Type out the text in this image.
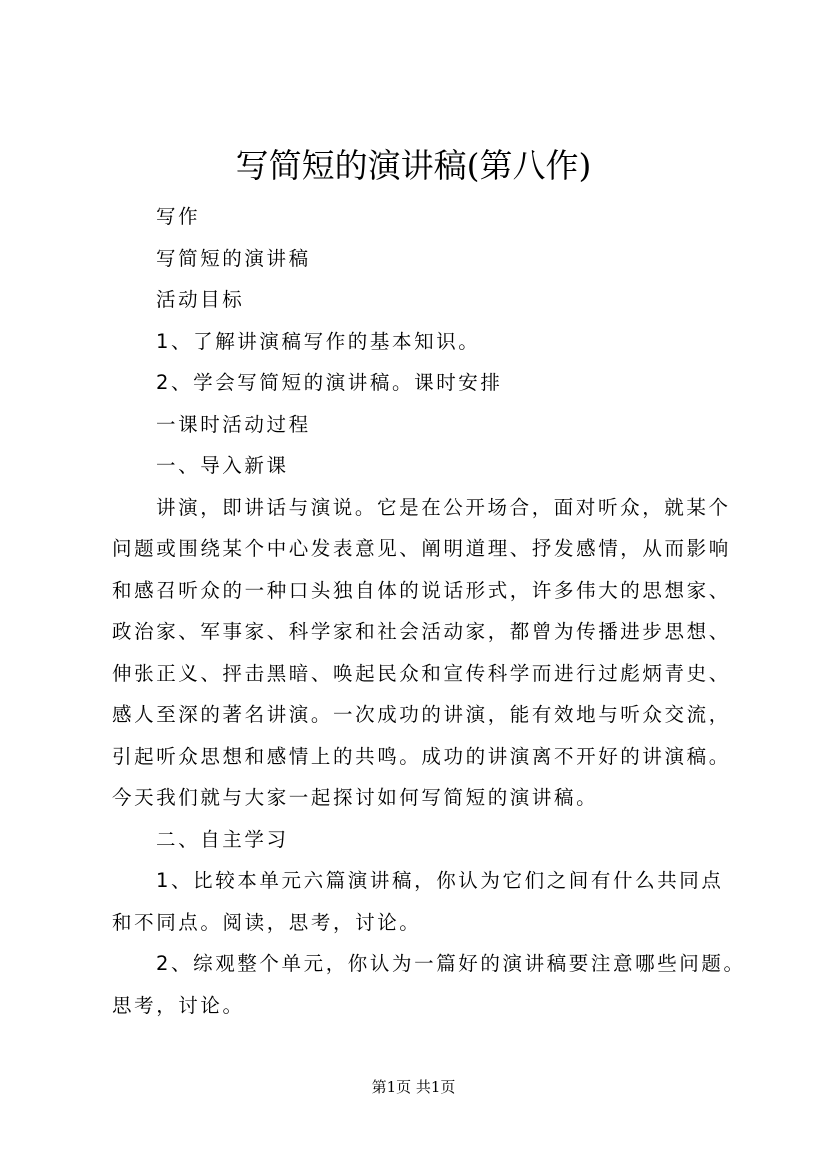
写简短的演讲稿(第八作)
写作
写简短的演讲稿
活动目标
1、了解讲演稿写作的基本知识。
2、学会写简短的演讲稿。课时安排
一课时活动过程
一、导入新课
讲演，即讲话与演说。它是在公开场合，面对听众，就某个
问题或围绕某个中心发表意见、阐明道理、抒发感情，从而影响
和感召听众的一种口头独自体的说话形式，许多伟大的思想家、
政治家、军事家、科学家和社会活动家，都曾为传播进步思想、
伸张正义、抨击黑暗、唤起民众和宣传科学而进行过彪炳青史、
感人至深的著名讲演。一次成功的讲演，能有效地与听众交流，
引起听众思想和感情上的共鸣。成功的讲演离不开好的讲演稿。
今天我们就与大家一起探讨如何写简短的演讲稿。
二、自主学习
1、比较本单元六篇演讲稿，你认为它们之间有什么共同点
和不同点。阅读，思考，讨论。
2、综观整个单元，你认为一篇好的演讲稿要注意哪些问题。
思考，讨论。
第1页 共1页
